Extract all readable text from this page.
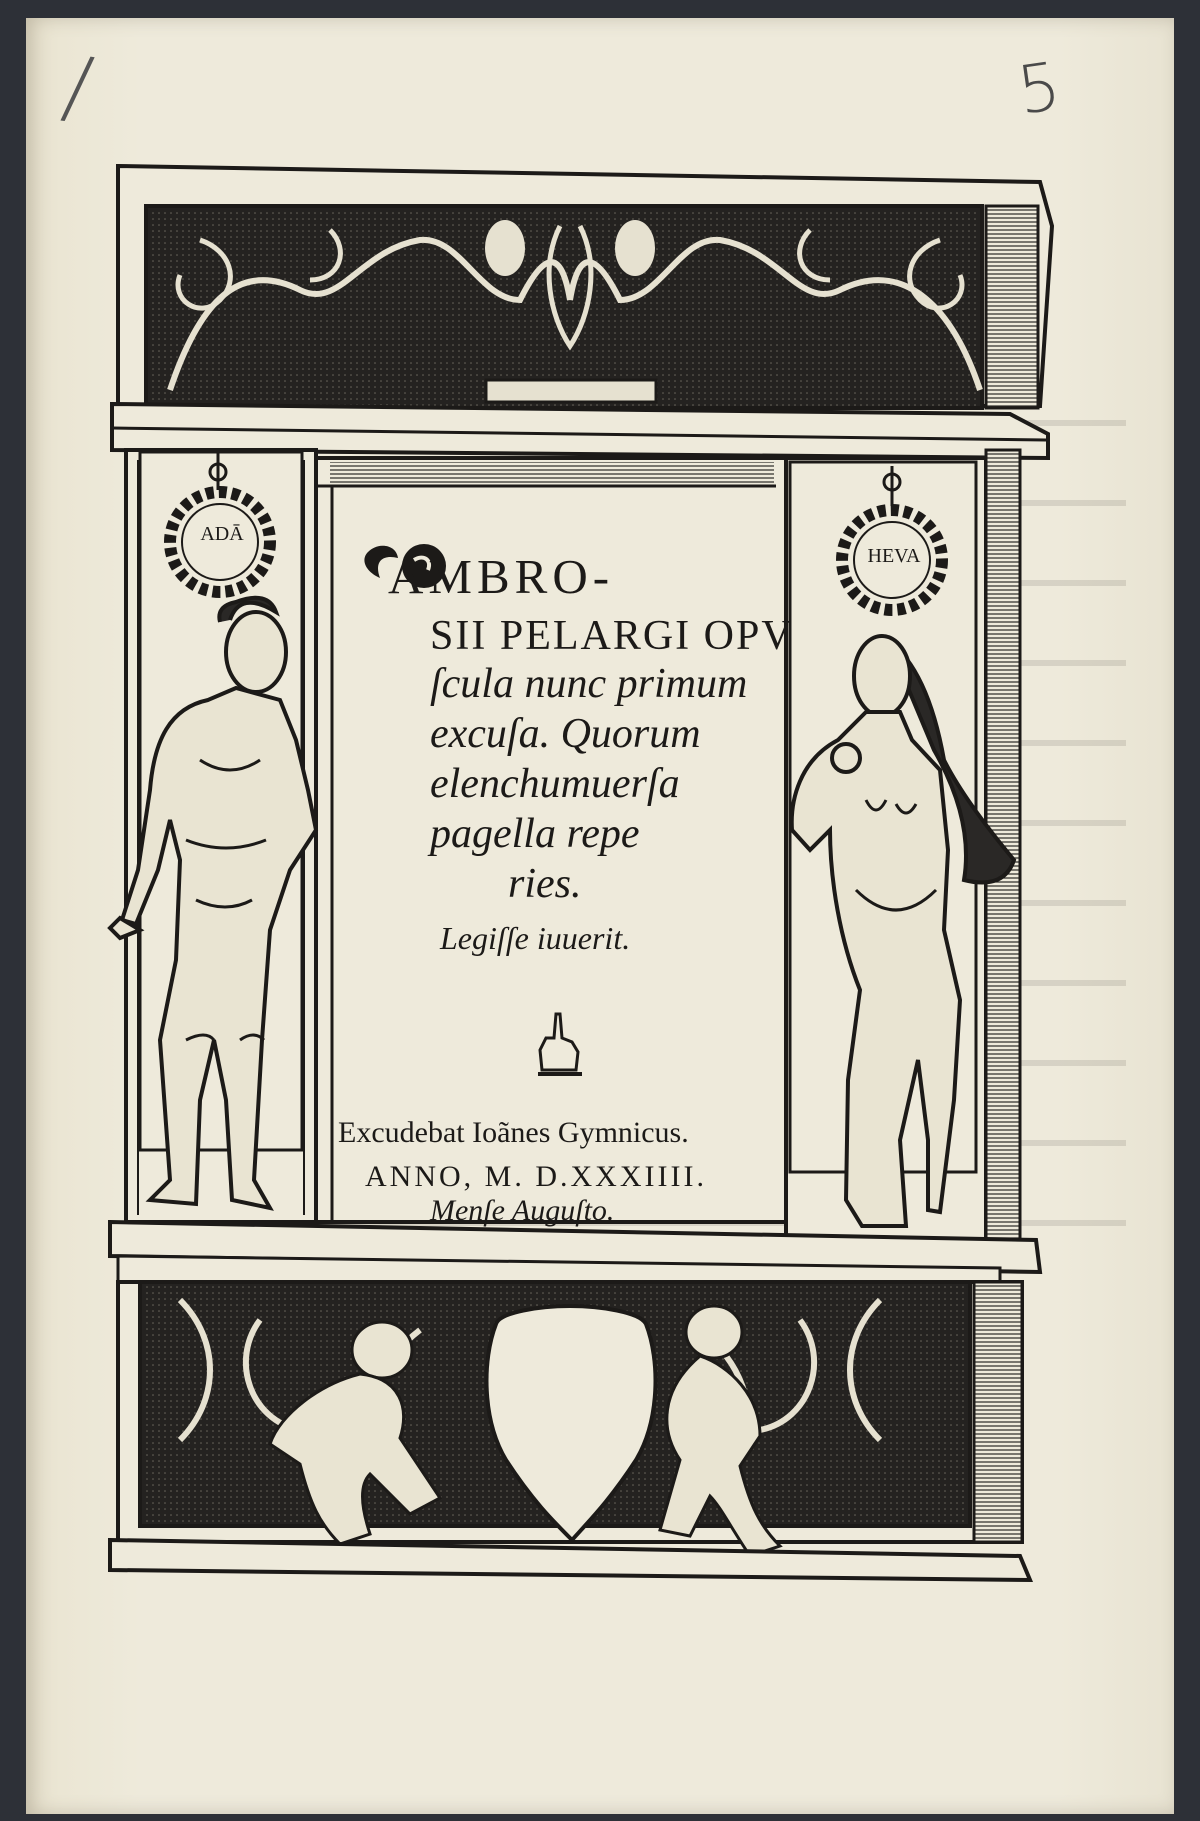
/	5
ADĀ
HEVA
AMBRO-
SII PELARGI OPV
ſcula nunc primum
excuſa. Quorum
elenchumuerſa
pagella repe
ries.
Legiſſe iuuerit.
Excudebat Ioãnes Gymnicus.
ANNO, M. D.XXXIIII.
Menſe Auguſto.
